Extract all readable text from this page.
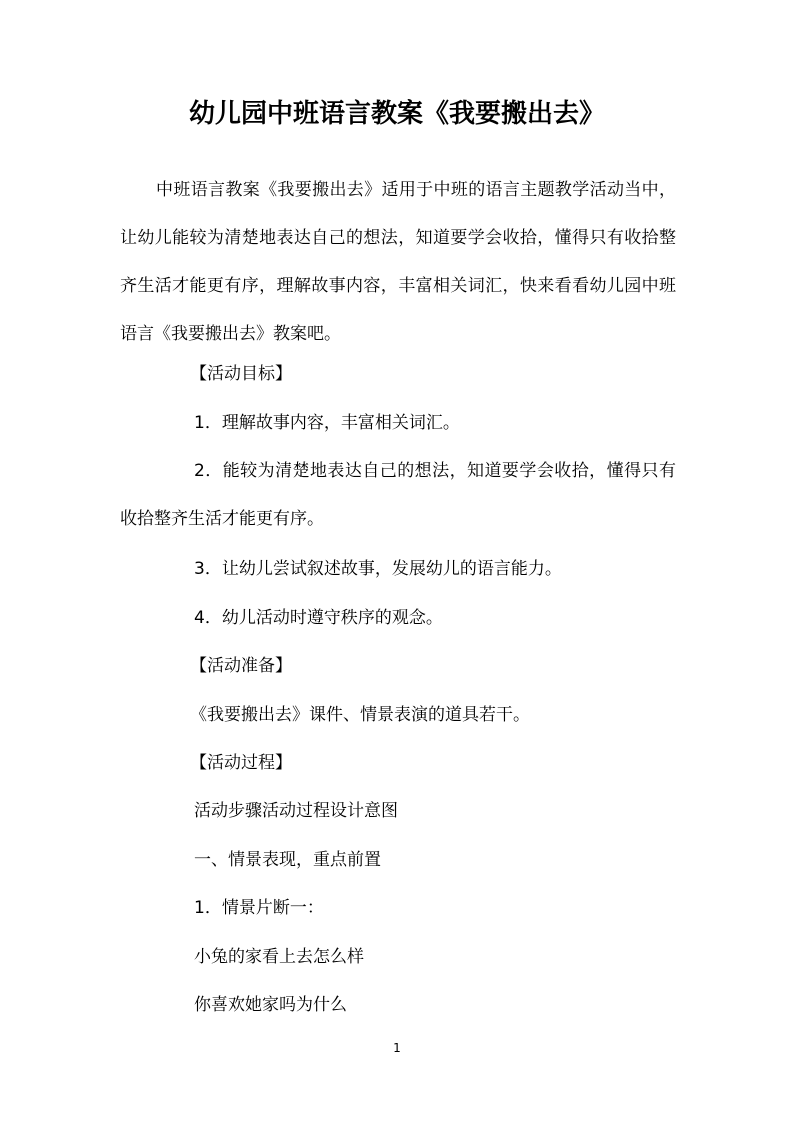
幼儿园中班语言教案《我要搬出去》
中班语言教案《我要搬出去》适用于中班的语言主题教学活动当中，让幼儿能较为清楚地表达自己的想法，知道要学会收拾，懂得只有收拾整齐生活才能更有序，理解故事内容，丰富相关词汇，快来看看幼儿园中班语言《我要搬出去》教案吧。
【活动目标】
1．理解故事内容，丰富相关词汇。
2．能较为清楚地表达自己的想法，知道要学会收拾，懂得只有收拾整齐生活才能更有序。
3．让幼儿尝试叙述故事，发展幼儿的语言能力。
4．幼儿活动时遵守秩序的观念。
【活动准备】
《我要搬出去》课件、情景表演的道具若干。
【活动过程】
活动步骤活动过程设计意图
一、情景表现，重点前置
1．情景片断一：
小兔的家看上去怎么样
你喜欢她家吗为什么
1
